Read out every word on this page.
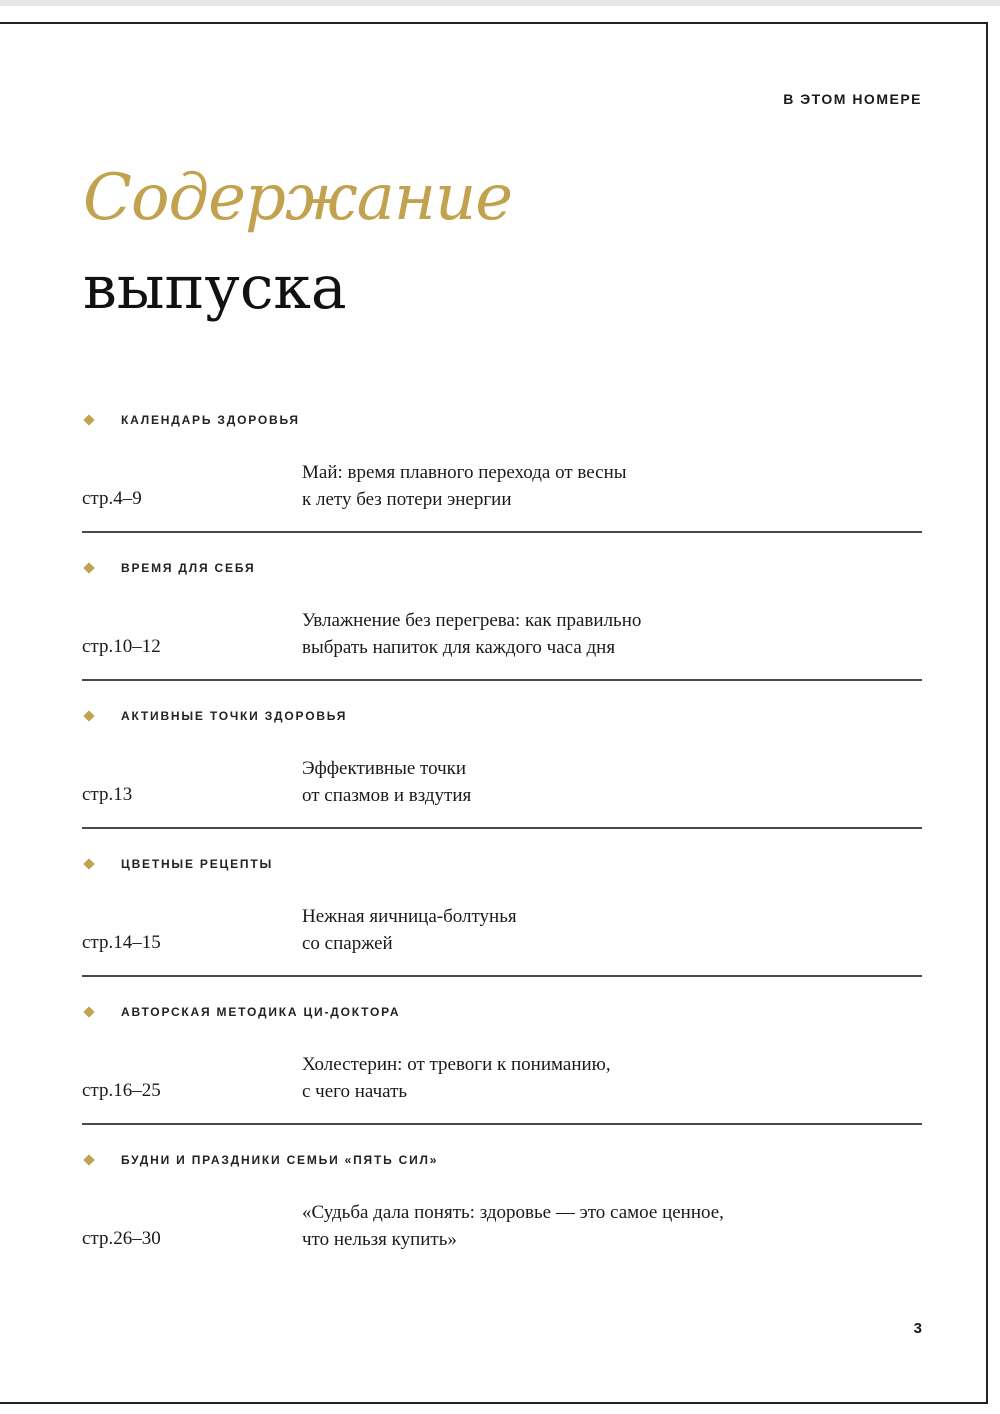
В ЭТОМ НОМЕРЕ
Содержание
выпуска
КАЛЕНДАРЬ ЗДОРОВЬЯ
стр.4–9
Май: время плавного перехода от весны
к лету без потери энергии
ВРЕМЯ ДЛЯ СЕБЯ
стр.10–12
Увлажнение без перегрева: как правильно
выбрать напиток для каждого часа дня
АКТИВНЫЕ ТОЧКИ ЗДОРОВЬЯ
стр.13
Эффективные точки
от спазмов и вздутия
ЦВЕТНЫЕ РЕЦЕПТЫ
стр.14–15
Нежная яичница-болтунья
со спаржей
АВТОРСКАЯ МЕТОДИКА ЦИ-ДОКТОРА
стр.16–25
Холестерин: от тревоги к пониманию,
с чего начать
БУДНИ И ПРАЗДНИКИ СЕМЬИ «ПЯТЬ СИЛ»
стр.26–30
«Судьба дала понять: здоровье — это самое ценное,
что нельзя купить»
3
